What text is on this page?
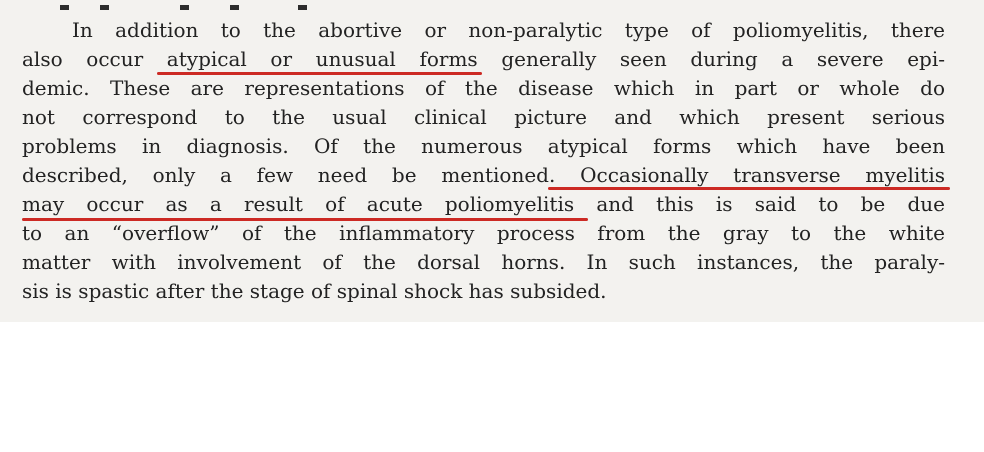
In addition to the abortive or non-paralytic type of poliomyelitis, there
also occur atypical or unusual forms generally seen during a severe epi-
demic. These are representations of the disease which in part or whole do
not correspond to the usual clinical picture and which present serious
problems in diagnosis. Of the numerous atypical forms which have been
described, only a few need be mentioned. Occasionally transverse myelitis
may occur as a result of acute poliomyelitis and this is said to be due
to an “overflow” of the inflammatory process from the gray to the white
matter with involvement of the dorsal horns. In such instances, the paraly-
sis is spastic after the stage of spinal shock has subsided.
